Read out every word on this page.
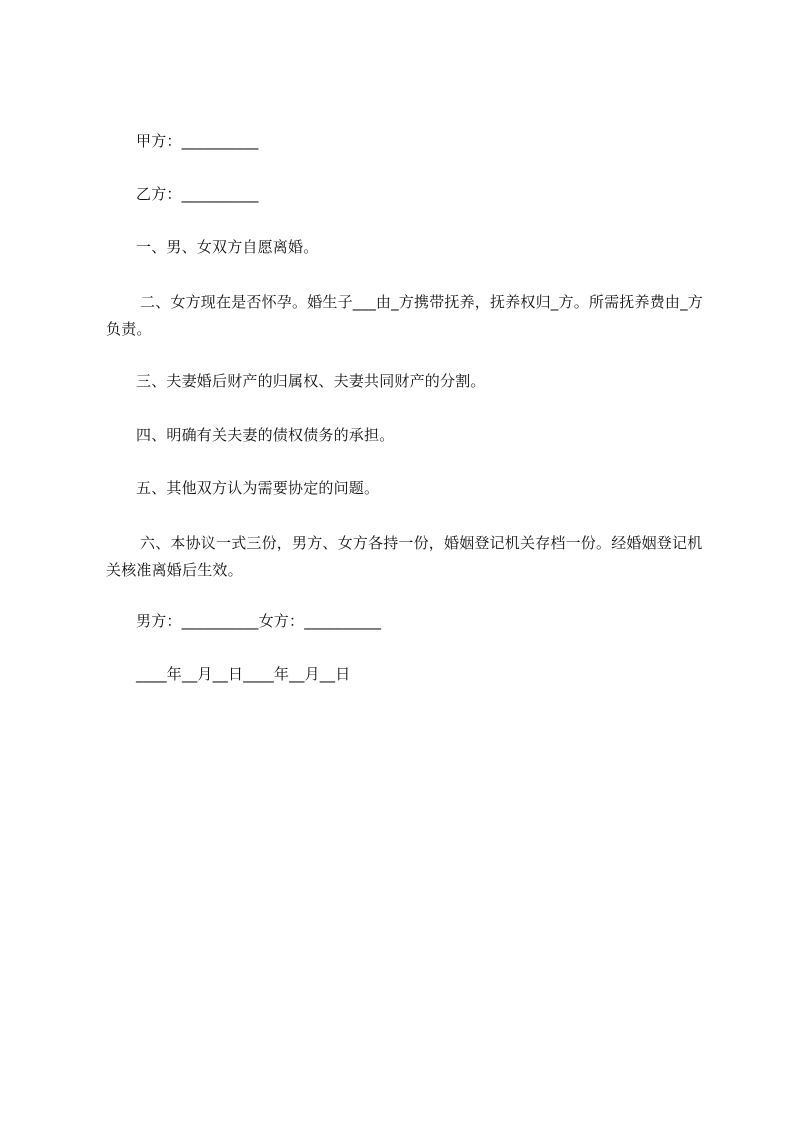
甲方：__________
乙方：__________
一、男、女双方自愿离婚。
二、女方现在是否怀孕。婚生子___由_方携带抚养，抚养权归_方。所需抚养费由_方负责。
三、夫妻婚后财产的归属权、夫妻共同财产的分割。
四、明确有关夫妻的债权债务的承担。
五、其他双方认为需要协定的问题。
六、本协议一式三份，男方、女方各持一份，婚姻登记机关存档一份。经婚姻登记机关核准离婚后生效。
男方：__________女方：__________
____年__月__日____年__月__日
